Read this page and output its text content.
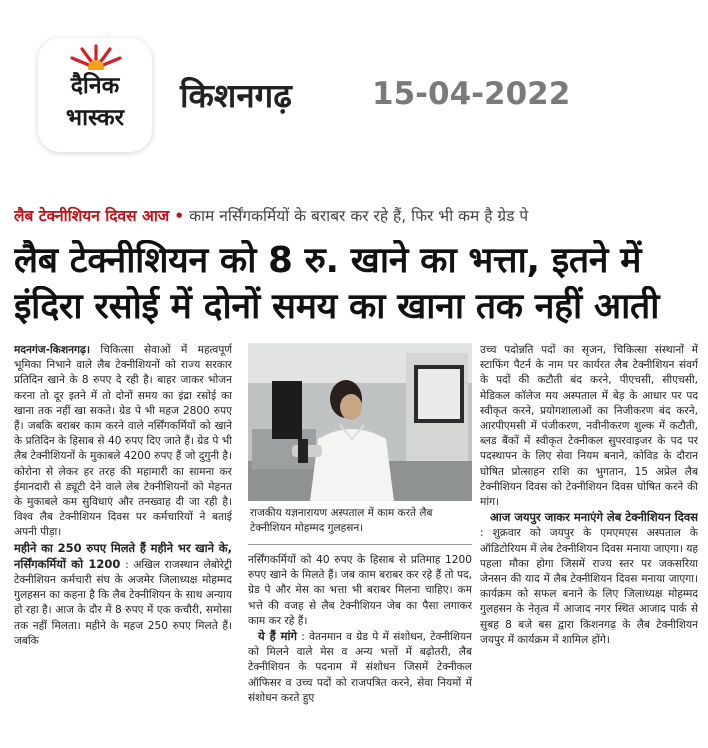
दैनिक
भास्कर
किशनगढ़	15-04-2022
लैब टेक्नीशियन दिवस आज • काम नर्सिंगकर्मियों के बराबर कर रहे हैं, फिर भी कम है ग्रेड पे
लैब टेक्नीशियन को 8 रु. खाने का भत्ता, इतने में
इंदिरा रसोई में दोनों समय का खाना तक नहीं आती

मदनगंज-किशनगढ़। चिकित्सा सेवाओं में महत्वपूर्ण भूमिका निभाने वाले लैब टेक्नीशियनों को राज्य सरकार प्रतिदिन खाने के 8 रुपए दे रही है। बाहर जाकर भोजन करना तो दूर इतने में तो दोनों समय का इंद्रा रसोई का खाना तक नहीं खा सकते। ग्रेड पे भी महज 2800 रुपए हैं। जबकि बराबर काम करने वाले नर्सिंगकर्मियों को खाने के प्रतिदिन के हिसाब से 40 रुपए दिए जाते हैं। ग्रेड पे भी लैब टेक्नीशियनों के मुकाबले 4200 रुपए हैं जो दुगुनी है। कोरोना से लेकर हर तरह की महामारी का सामना कर ईमानदारी से ड्यूटी देने वाले लेब टेक्नीशियनों को मेहनत के मुकाबले कम सुविधाएं और तनख्वाह दी जा रही है। विश्व लैब टेक्नीशियन दिवस पर कर्मचारियों ने बताई अपनी पीड़ा।

महीने का 250 रुपए मिलते हैं महीने भर खाने के, नर्सिंगकर्मियों को 1200 : अखिल राजस्थान लेबोरेट्री टेक्नीशियन कर्मचारी संघ के अजमेर जिलाध्यक्ष मोहम्मद गुलहसन का कहना है कि लैब टेक्नीशियन के साथ अन्याय हो रहा है। आज के दौर में 8 रुपए में एक कचौरी, समोसा तक नहीं मिलता। महीने के महज 250 रुपए मिलते हैं। जबकि

राजकीय यज्ञनारायण अस्पताल में काम करते लैब टेक्नीशियन मोहम्मद गुलहसन।

नर्सिंगकर्मियों को 40 रुपए के हिसाब से प्रतिमाह 1200 रुपए खाने के मिलते हैं। जब काम बराबर कर रहे हैं तो पद, ग्रेड पे और मेस का भत्ता भी बराबर मिलना चाहिए। कम भत्ते की वजह से लैब टेक्नीशियन जेब का पैसा लगाकर काम कर रहे हैं।

ये हैं मांगे : वेतनमान व ग्रेड पे में संशोधन, टेक्नीशियन को मिलने वाले मेस व अन्य भत्तों में बढ़ोतरी, लैब टेक्नीशियन के पदनाम में संशोधन जिसमें टेक्नीकल ऑफिसर व उच्च पदों को राजपत्रित करने, सेवा नियमों में संशोधन करते हुए

उच्च पदोन्नति पदों का सृजन, चिकित्सा संस्थानों में स्टाफिंग पैटर्न के नाम पर कार्यरत लैब टेक्नीशियन संवर्ग के पदों की कटौती बंद करने, पीएचसी, सीएचसी, मेडिकल कॉलेज मय अस्पताल में बेड़ के आधार पर पद स्वीकृत करने, प्रयोगशालाओं का निजीकरण बंद करने, आरपीएमसी में पंजीकरण, नवीनीकरण शुल्क में कटौती, ब्लड बैंकों में स्वीकृत टेक्नीकल सुपरवाइजर के पद पर पदस्थापन के लिए सेवा नियम बनाने, कोविड के दौरान घोषित प्रोत्साहन राशि का भुगतान, 15 अप्रेल लैब टेक्नीशियन दिवस को टेक्नीशियन दिवस घोषित करने की मांग।

आज जयपुर जाकर मनाएंगे लेब टेक्नीशियन दिवस : शुक्रवार को जयपुर के एमएमएस अस्पताल के ऑडिटोरियम में लेब टेक्नीशियन दिवस मनाया जाएगा। यह पहला मौका होगा जिसमें राज्य स्तर पर जकसरिया जेनसन की याद में लैब टेक्नीशियन दिवस मनाया जाएगा। कार्यक्रम को सफल बनाने के लिए जिलाध्यक्ष मोहम्मद गुलहसन के नेतृत्व में आजाद नगर स्थित आजाद पार्क से सुबह 8 बजे बस द्वारा किशनगढ़ के लैब टेक्नीशियन जयपुर में कार्यक्रम में शामिल होंगे।
